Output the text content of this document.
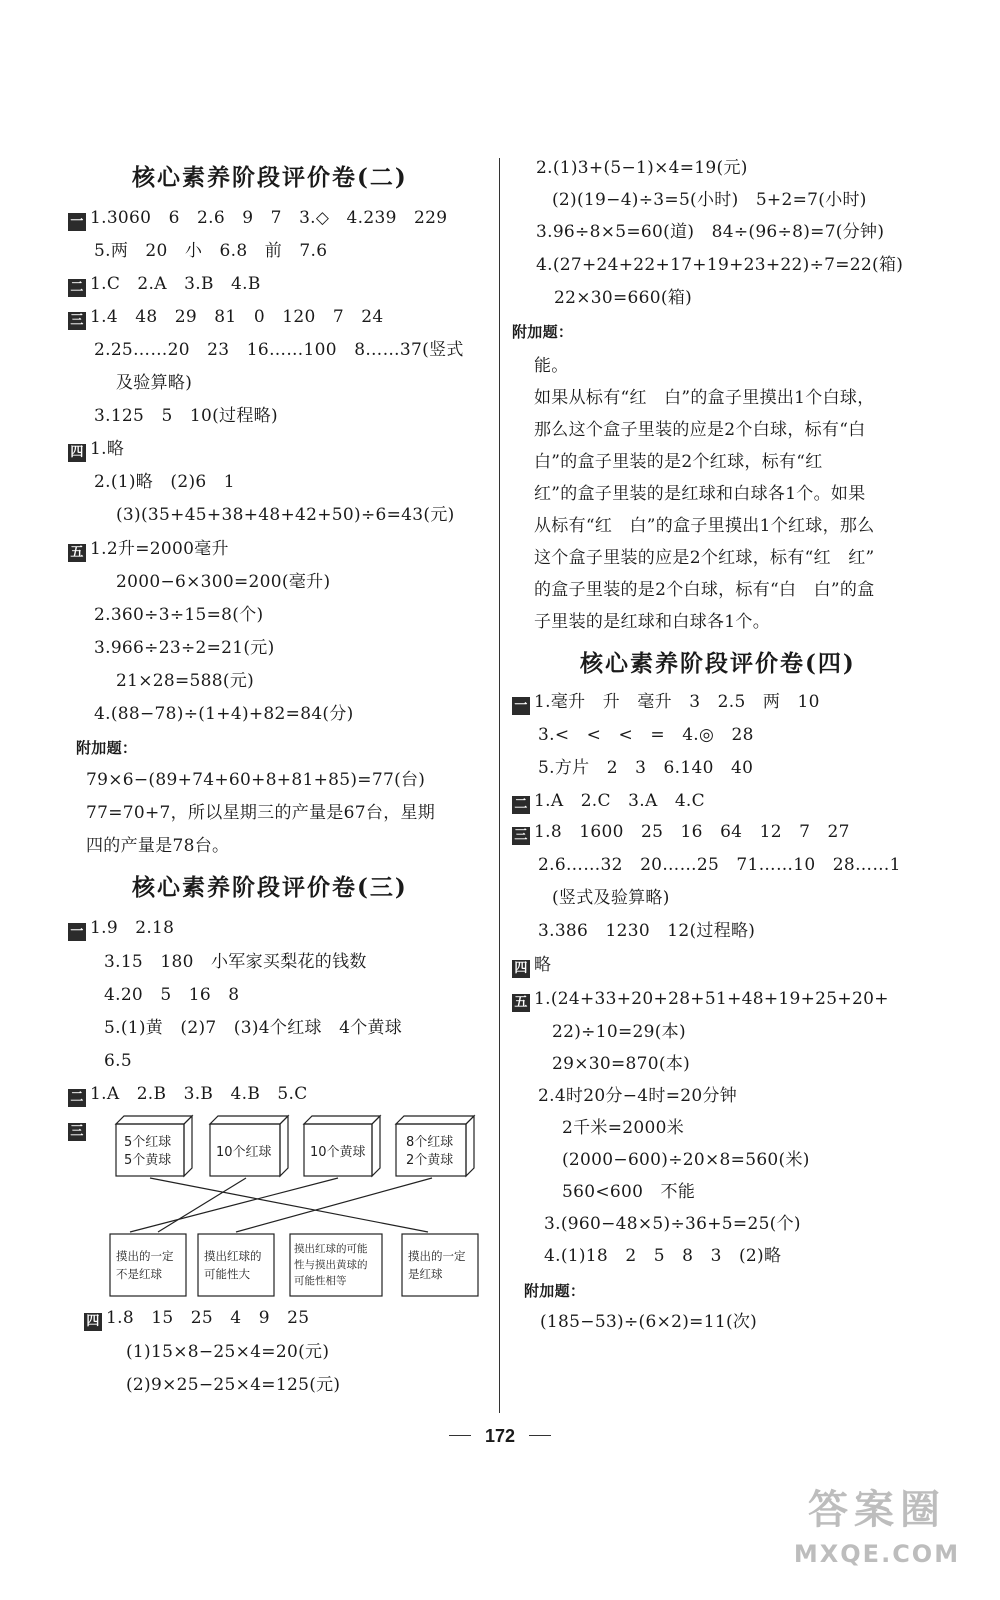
核心素养阶段评价卷(二)
一 1.3060　6　2.6　9　7　3.◇　4.239　229
5.两　20　小　6.8　前　7.6
二 1.C　2.A　3.B　4.B
三 1.4　48　29　81　0　120　7　24
2.25……20　23　16……100　8……37(竖式
及验算略)
3.125　5　10(过程略)
四 1.略
2.(1)略　(2)6　1
(3)(35+45+38+48+42+50)÷6=43(元)
五 1.2升=2000毫升
2000−6×300=200(毫升)
2.360÷3÷15=8(个)
3.966÷23÷2=21(元)
21×28=588(元)
4.(88−78)÷(1+4)+82=84(分)
附加题：
79×6−(89+74+60+8+81+85)=77(台)
77=70+7，所以星期三的产量是67台，星期
四的产量是78台。
核心素养阶段评价卷(三)
一 1.9　2.18
3.15　180　小军家买梨花的钱数
4.20　5　16　8
5.(1)黄　(2)7　(3)4个红球　4个黄球
6.5
二 1.A　2.B　3.B　4.B　5.C
三
5个红球
5个黄球
10个红球	10个黄球
8个红球
2个黄球
摸出的一定
不是红球
摸出红球的
可能性大
摸出红球的可能
性与摸出黄球的
可能性相等
摸出的一定
是红球
四 1.8　15　25　4　9　25
(1)15×8−25×4=20(元)
(2)9×25−25×4=125(元)
2.(1)3+(5−1)×4=19(元)
(2)(19−4)÷3=5(小时)　5+2=7(小时)
3.96÷8×5=60(道)　84÷(96÷8)=7(分钟)
4.(27+24+22+17+19+23+22)÷7=22(箱)
22×30=660(箱)
附加题：
能。
如果从标有“红　白”的盒子里摸出1个白球，
那么这个盒子里装的应是2个白球，标有“白
白”的盒子里装的是2个红球，标有“红
红”的盒子里装的是红球和白球各1个。如果
从标有“红　白”的盒子里摸出1个红球，那么
这个盒子里装的应是2个红球，标有“红　红”
的盒子里装的是2个白球，标有“白　白”的盒
子里装的是红球和白球各1个。
核心素养阶段评价卷(四)
一 1.毫升　升　毫升　3　2.5　两　10
3.<　<　<　=　4.◎　28
5.方片　2　3　6.140　40
二 1.A　2.C　3.A　4.C
三 1.8　1600　25　16　64　12　7　27
2.6……32　20……25　71……10　28……1
(竖式及验算略)
3.386　1230　12(过程略)
四 略
五 1.(24+33+20+28+51+48+19+25+20+
22)÷10=29(本)
29×30=870(本)
2.4时20分−4时=20分钟
2千米=2000米
(2000−600)÷20×8=560(米)
560<600　不能
3.(960−48×5)÷36+5=25(个)
4.(1)18　2　5　8　3　(2)略
附加题：
(185−53)÷(6×2)=11(次)
172
答案圈
MXQE.COM
